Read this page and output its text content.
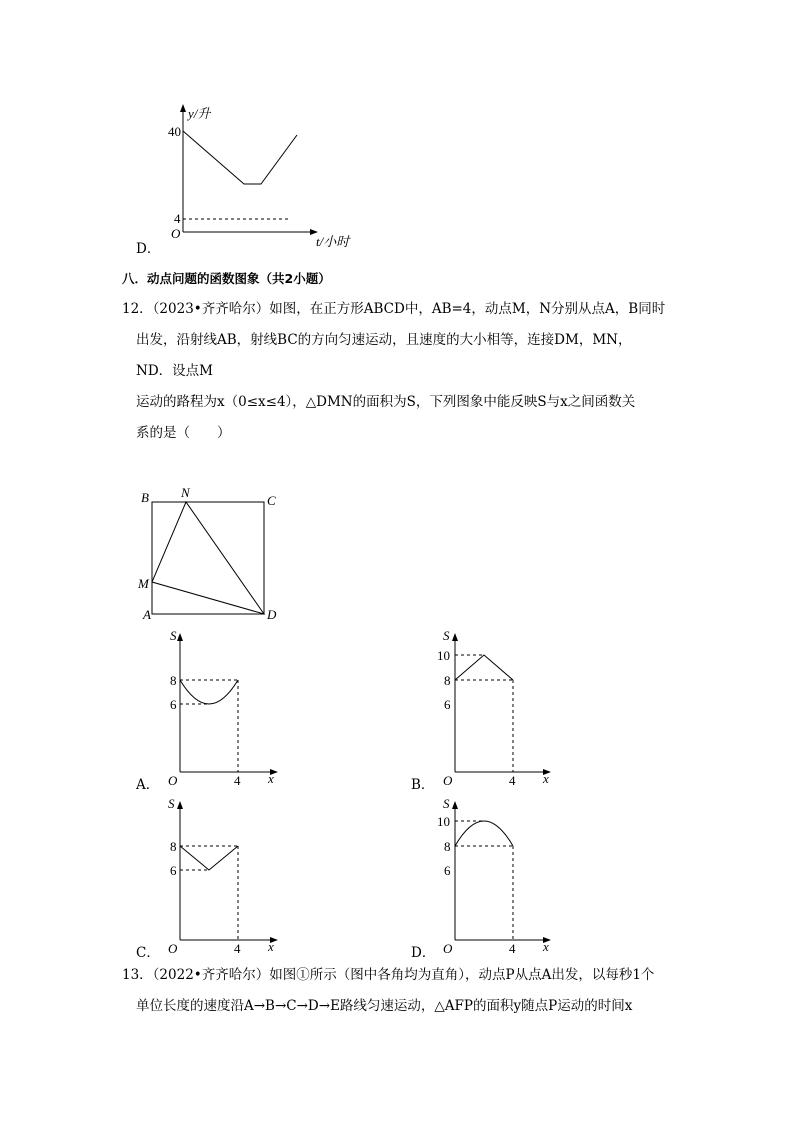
y/升
40
4
O
t/小时
D．
八．动点问题的函数图象（共2小题）
12．（2023•齐齐哈尔）如图，在正方形ABCD中，AB=4，动点M，N分别从点A，B同时
出发，沿射线AB，射线BC的方向匀速运动，且速度的大小相等，连接DM，MN，
ND．设点M
运动的路程为x（0≤x≤4），△DMN的面积为S，下列图象中能反映S与x之间函数关
系的是（　　）
B N
C
M
A	D
S
8
6
O	4 x
A．
S
10
8
6
O	4 x
B．
S
8
6
O	4 x
C．
S
10
8
6
O	4 x
D．
13．（2022•齐齐哈尔）如图①所示（图中各角均为直角），动点P从点A出发，以每秒1个
单位长度的速度沿A→B→C→D→E路线匀速运动，△AFP的面积y随点P运动的时间x
